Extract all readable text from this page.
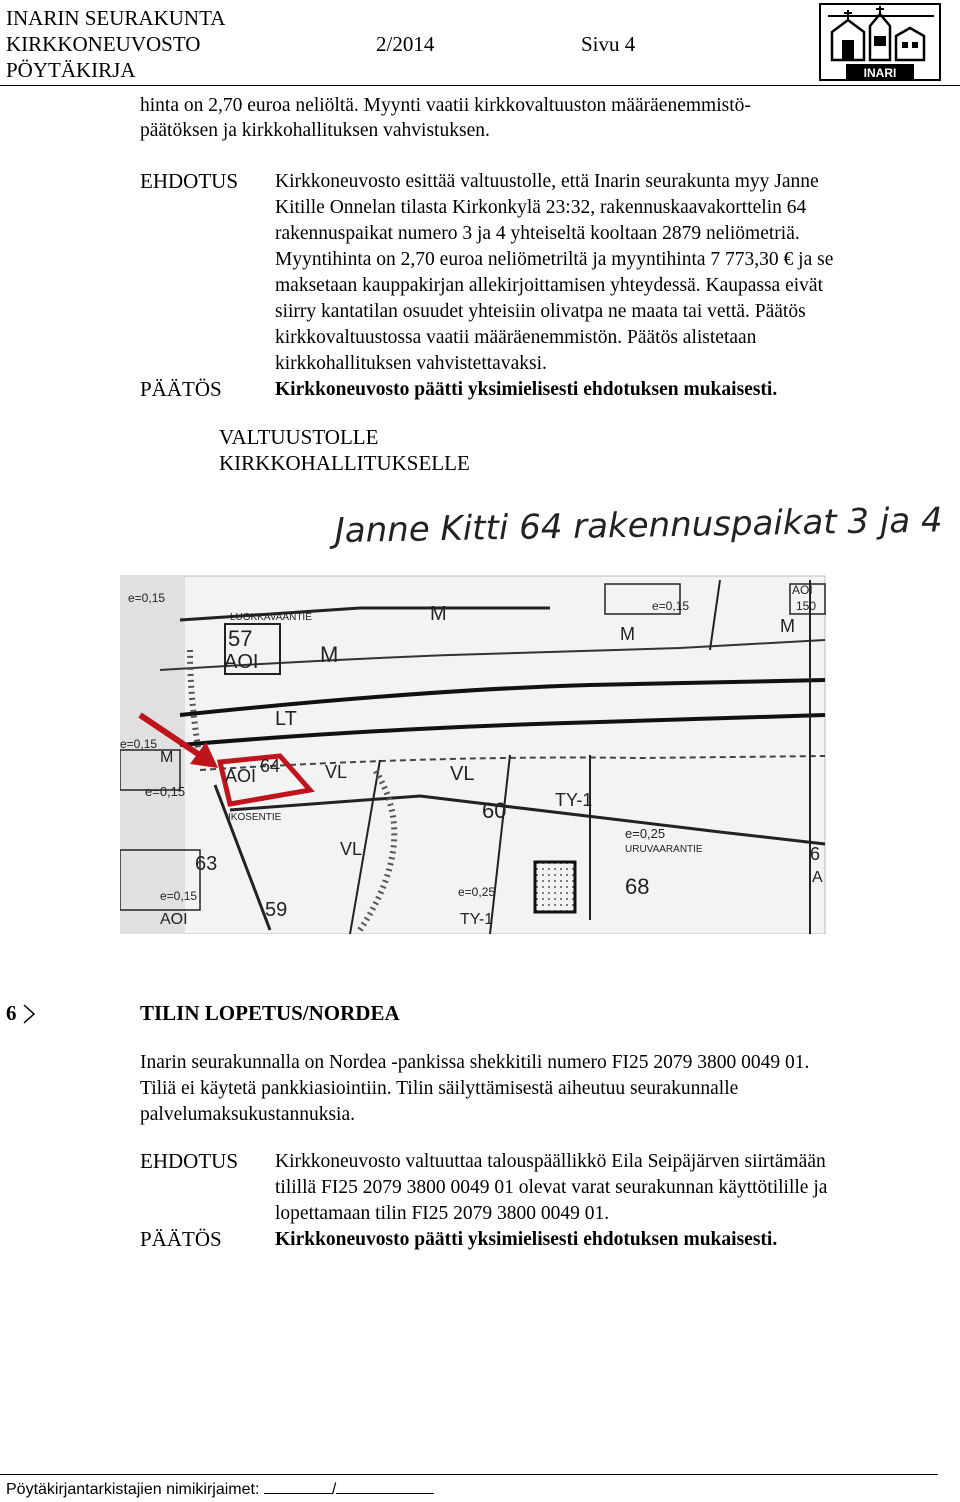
INARIN SEURAKUNTA
KIRKKONEUVOSTO	2/2014	Sivu 4
PÖYTÄKIRJA	INARI
hinta on 2,70 euroa neliöltä. Myynti vaatii kirkkovaltuuston määräenemmistö-
päätöksen ja kirkkohallituksen vahvistuksen.
EHDOTUS Kirkkoneuvosto esittää valtuustolle, että Inarin seurakunta myy Janne
Kitille Onnelan tilasta Kirkonkylä 23:32, rakennuskaavakorttelin 64
rakennuspaikat numero 3 ja 4 yhteiseltä kooltaan 2879 neliömetriä.
Myyntihinta on 2,70 euroa neliömetriltä ja myyntihinta 7 773,30 € ja se
maksetaan kauppakirjan allekirjoittamisen yhteydessä. Kaupassa eivät
siirry kantatilan osuudet yhteisiin olivatpa ne maata tai vettä. Päätös
kirkkovaltuustossa vaatii määräenemmistön. Päätös alistetaan
kirkkohallituksen vahvistettavaksi.
PÄÄTÖS	Kirkkoneuvosto päätti yksimielisesti ehdotuksen mukaisesti.
VALTUUSTOLLE
KIRKKOHALLITUKSELLE
Janne Kitti 64 rakennuspaikat 3 ja 4
57
AOI	M
M
M	M
M
LT
AOI 64 VL	VL
VL
60	TY-1
TY-1
63
59
68
AOI
AOI
150
e=0,15
e=0,15
e=0,15
e=0,25
e=0,25
e=0,15
e=0,15
LUOKKAVAANTIE
IKOSENTIE
URUVAARANTIE	6
A
6	TILIN LOPETUS/NORDEA
Inarin seurakunnalla on Nordea -pankissa shekkitili numero FI25 2079 3800 0049 01.
Tiliä ei käytetä pankkiasiointiin. Tilin säilyttämisestä aiheutuu seurakunnalle
palvelumaksukustannuksia.
EHDOTUS Kirkkoneuvosto valtuuttaa talouspäällikkö Eila Seipäjärven siirtämään
tilillä FI25 2079 3800 0049 01 olevat varat seurakunnan käyttötilille ja
lopettamaan tilin FI25 2079 3800 0049 01.
PÄÄTÖS	Kirkkoneuvosto päätti yksimielisesti ehdotuksen mukaisesti.
Pöytäkirjantarkistajien nimikirjaimet:	/
